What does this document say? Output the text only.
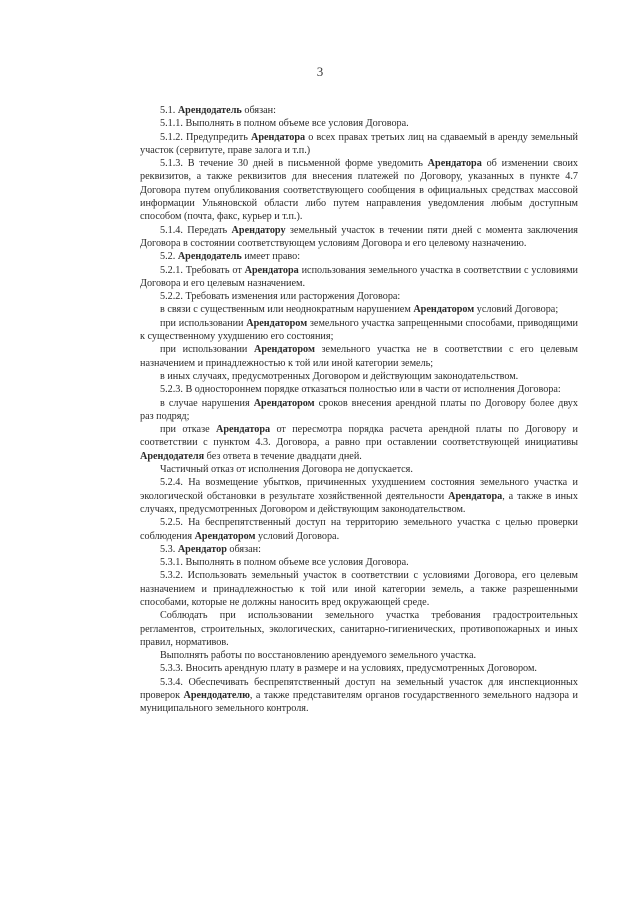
3

5.1. Арендодатель обязан:

5.1.1. Выполнять в полном объеме все условия Договора.

5.1.2. Предупредить Арендатора о всех правах третьих лиц на сдаваемый в аренду земельный участок (сервитуте, праве залога и т.п.)

5.1.3. В течение 30 дней в письменной форме уведомить Арендатора об изменении своих реквизитов, а также реквизитов для внесения платежей по Договору, указанных в пункте 4.7 Договора путем опубликования соответствующего сообщения в официальных средствах массовой информации Ульяновской области либо путем направления уведомления любым доступным способом (почта, факс, курьер и т.п.).

5.1.4. Передать Арендатору земельный участок в течении пяти дней с момента заключения Договора в состоянии соответствующем условиям Договора и его целевому назначению.

5.2. Арендодатель имеет право:

5.2.1. Требовать от Арендатора использования земельного участка в соответствии с условиями Договора и его целевым назначением.

5.2.2. Требовать изменения или расторжения Договора:

в связи с существенным или неоднократным нарушением Арендатором условий Договора;

при использовании Арендатором земельного участка запрещенными способами, приводящими к существенному ухудшению его состояния;

при использовании Арендатором земельного участка не в соответствии с его целевым назначением и принадлежностью к той или иной категории земель;

в иных случаях, предусмотренных Договором и действующим законодательством.

5.2.3. В одностороннем порядке отказаться полностью или в части от исполнения Договора:

в случае нарушения Арендатором сроков внесения арендной платы по Договору более двух раз подряд;

при отказе Арендатора от пересмотра порядка расчета арендной платы по Договору и соответствии с пунктом 4.3. Договора, а равно при оставлении соответствующей инициативы Арендодателя без ответа в течение двадцати дней.

Частичный отказ от исполнения Договора не допускается.

5.2.4. На возмещение убытков, причиненных ухудшением состояния земельного участка и экологической обстановки в результате хозяйственной деятельности Арендатора, а также в иных случаях, предусмотренных Договором и действующим законодательством.

5.2.5. На беспрепятственный доступ на территорию земельного участка с целью проверки соблюдения Арендатором условий Договора.

5.3. Арендатор обязан:

5.3.1. Выполнять в полном объеме все условия Договора.

5.3.2. Использовать земельный участок в соответствии с условиями Договора, его целевым назначением и принадлежностью к той или иной категории земель, а также разрешенными способами, которые не должны наносить вред окружающей среде.

Соблюдать при использовании земельного участка требования градостроительных регламентов, строительных, экологических, санитарно-гигиенических, противопожарных и иных правил, нормативов.

Выполнять работы по восстановлению арендуемого земельного участка.

5.3.3. Вносить арендную плату в размере и на условиях, предусмотренных Договором.

5.3.4. Обеспечивать беспрепятственный доступ на земельный участок для инспекционных проверок Арендодателю, а также представителям органов государственного земельного надзора и муниципального земельного контроля.
